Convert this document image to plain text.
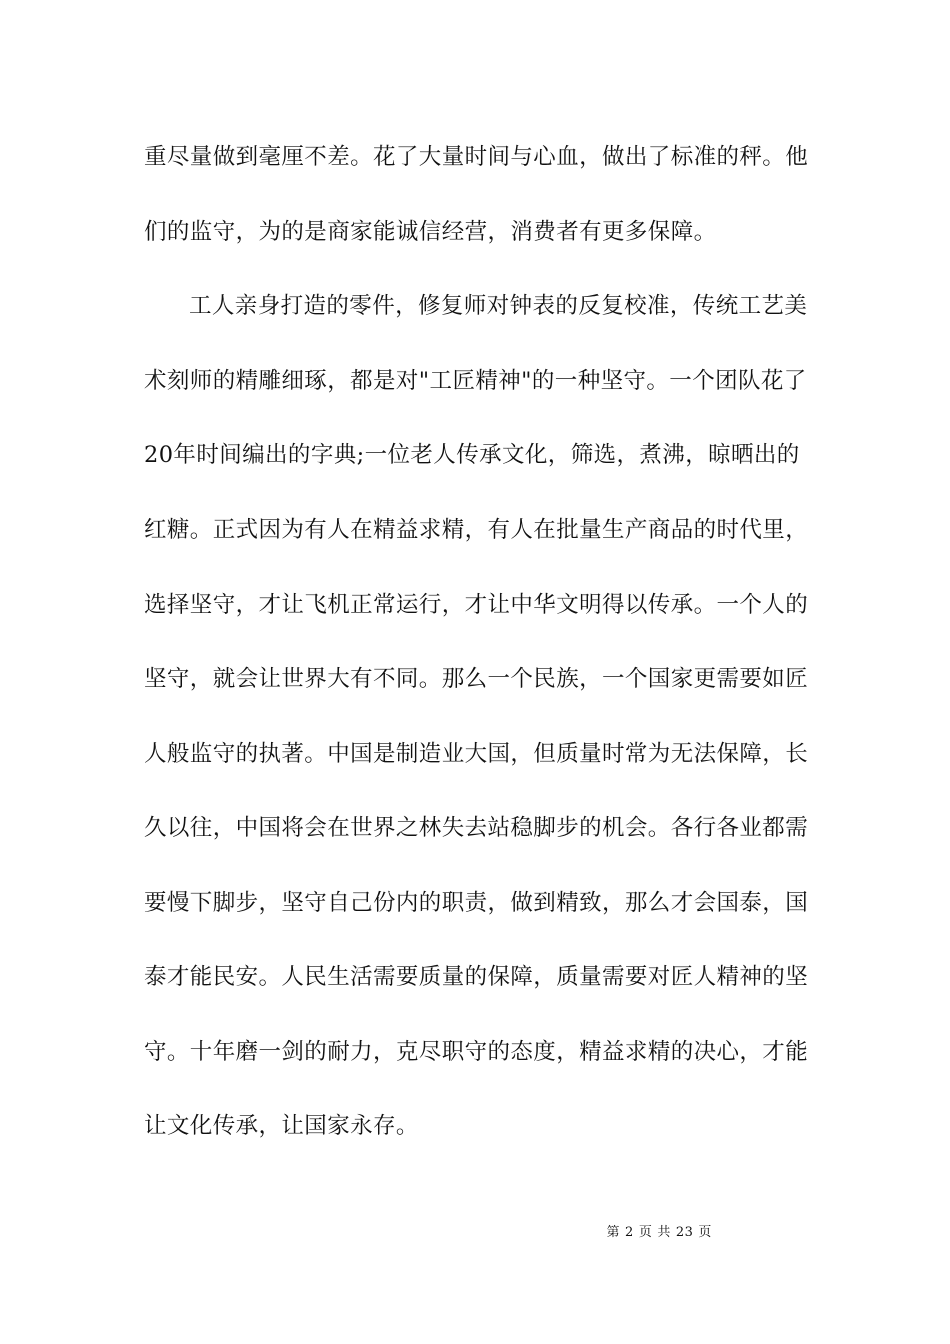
重尽量做到毫厘不差。花了大量时间与心血，做出了标准的秤。他
们的监守，为的是商家能诚信经营，消费者有更多保障。
工人亲身打造的零件，修复师对钟表的反复校准，传统工艺美
术刻师的精雕细琢，都是对"工匠精神"的一种坚守。一个团队花了
20年时间编出的字典;一位老人传承文化，筛选，煮沸，晾晒出的
红糖。正式因为有人在精益求精，有人在批量生产商品的时代里，
选择坚守，才让飞机正常运行，才让中华文明得以传承。一个人的
坚守，就会让世界大有不同。那么一个民族，一个国家更需要如匠
人般监守的执著。中国是制造业大国，但质量时常为无法保障，长
久以往，中国将会在世界之林失去站稳脚步的机会。各行各业都需
要慢下脚步，坚守自己份内的职责，做到精致，那么才会国泰，国
泰才能民安。人民生活需要质量的保障，质量需要对匠人精神的坚
守。十年磨一剑的耐力，克尽职守的态度，精益求精的决心，才能
让文化传承，让国家永存。

第 2 页 共 23 页
